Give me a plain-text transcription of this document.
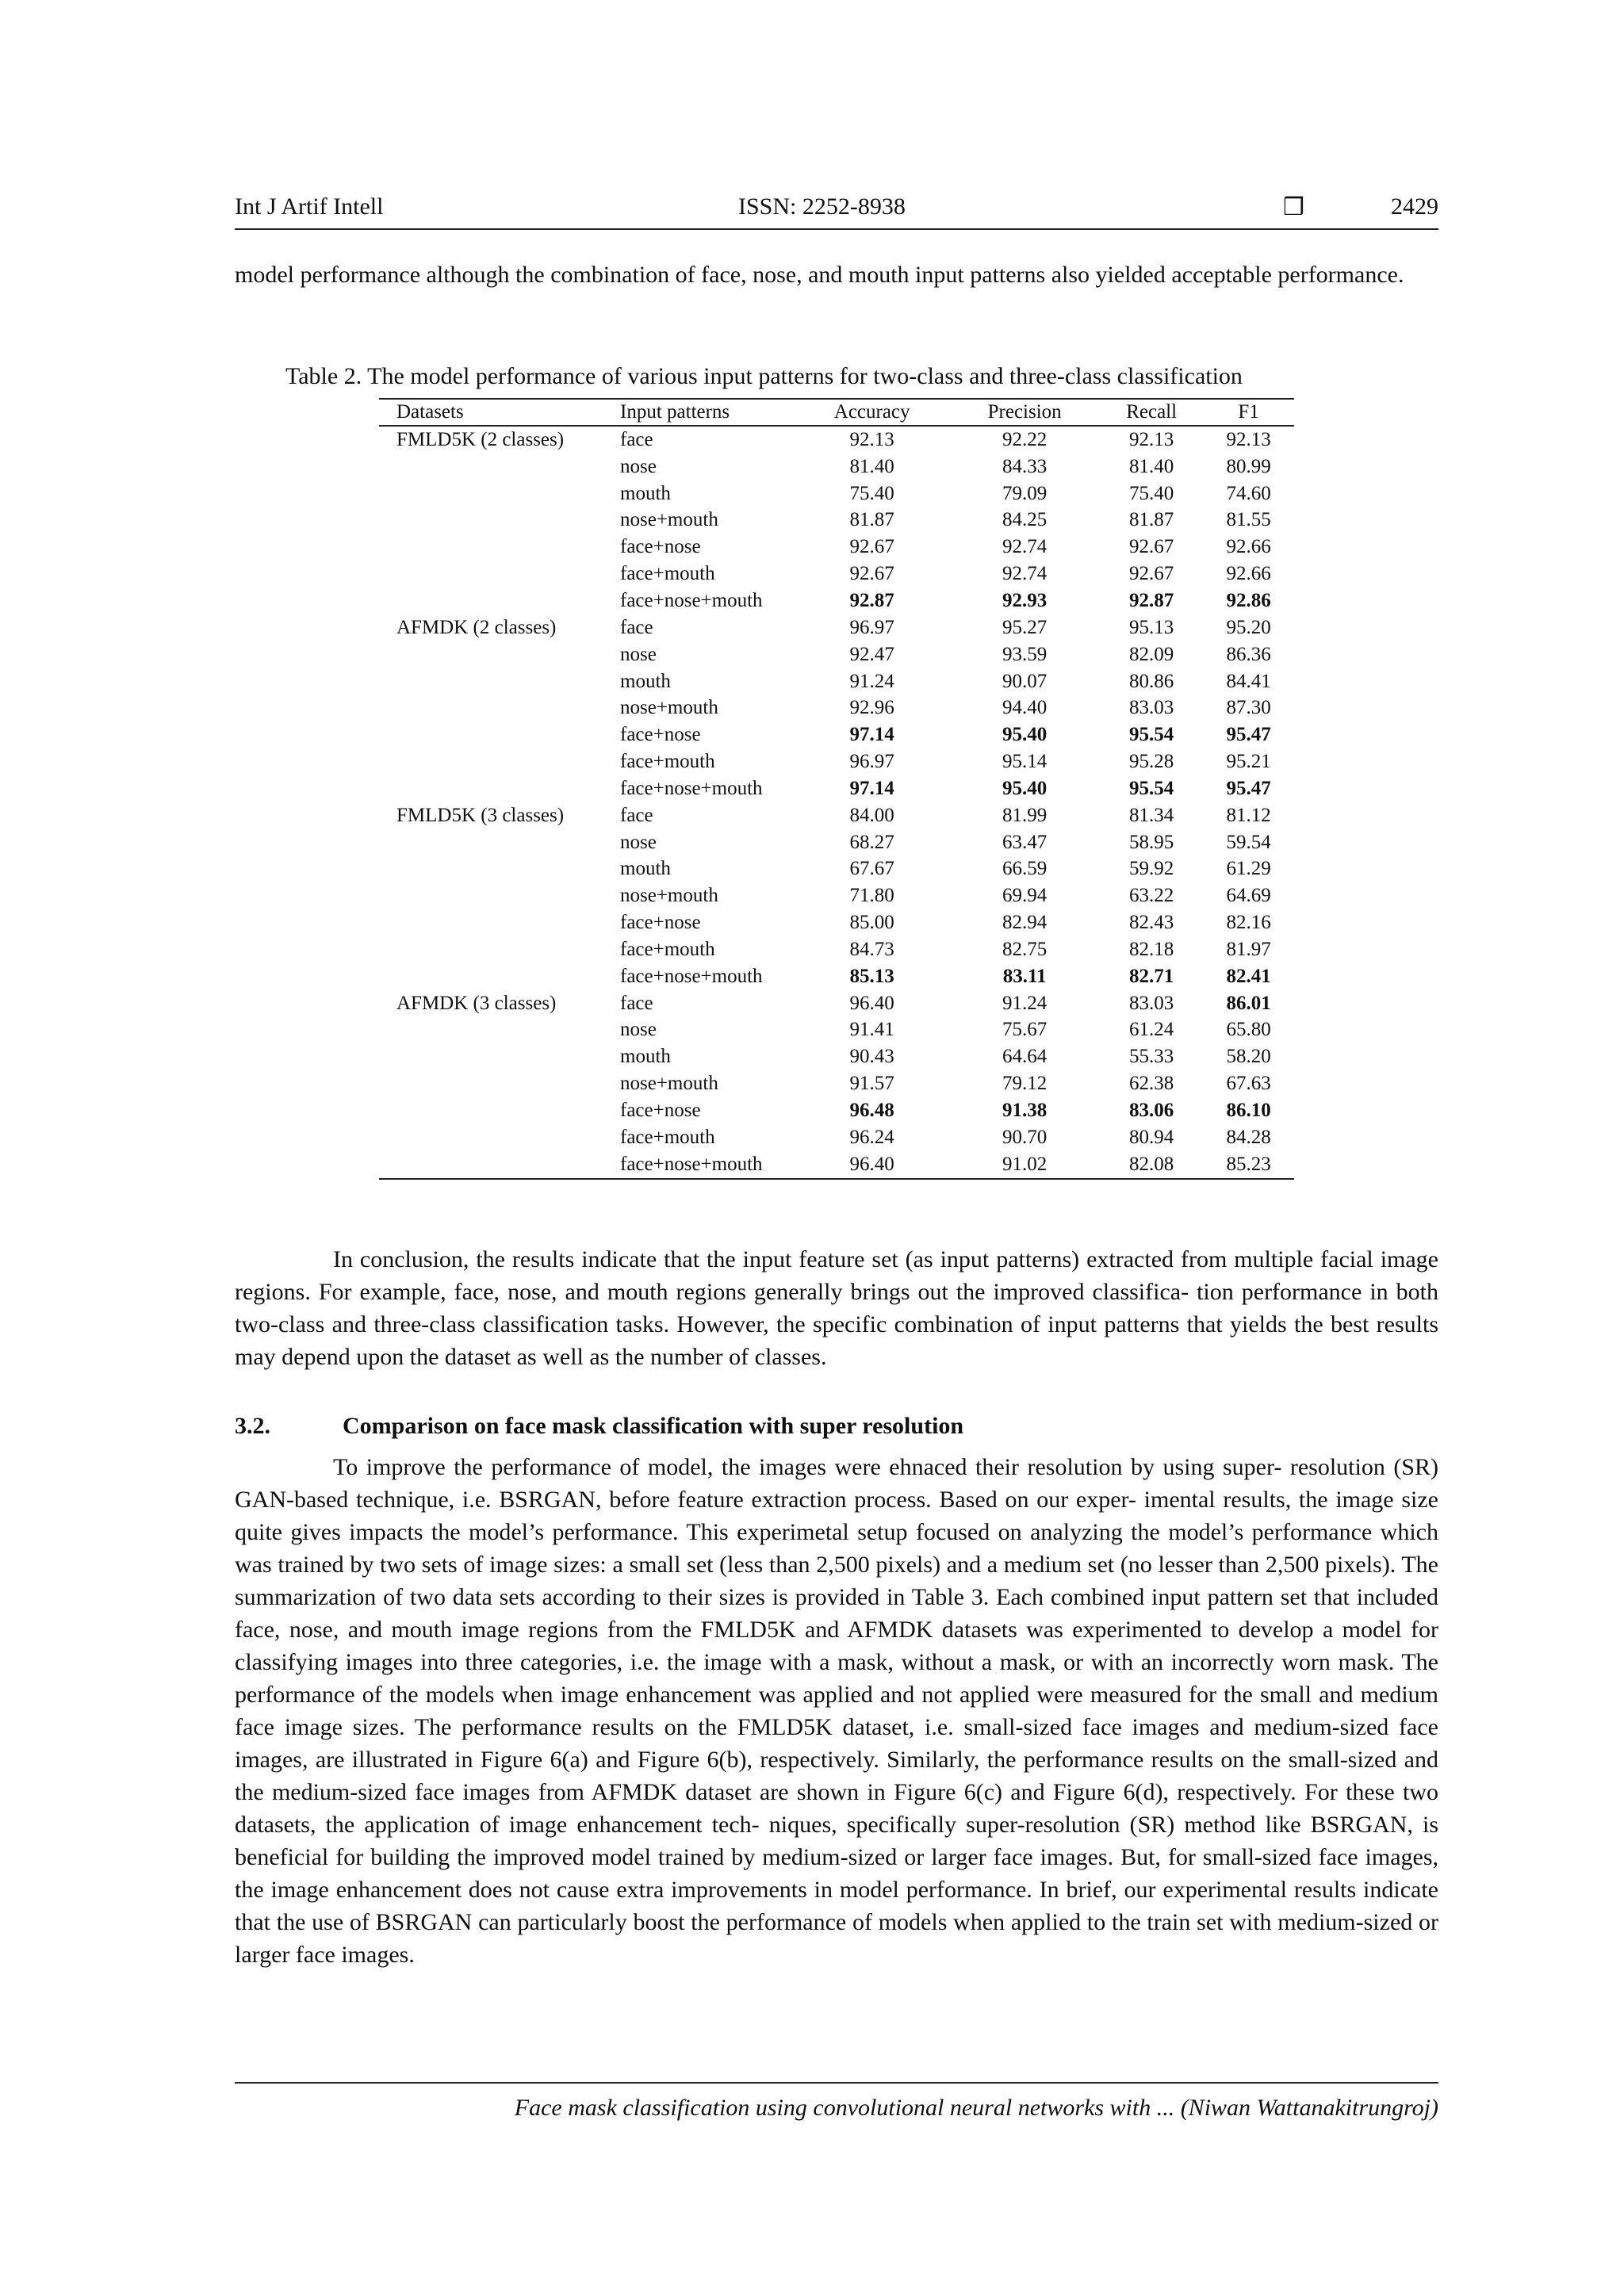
Int J Artif Intell	ISSN: 2252-8938	❒	2429

model performance although the combination of face, nose, and mouth input patterns also yielded acceptable performance.

Table 2. The model performance of various input patterns for two-class and three-class classification
Datasets	Input patterns	Accuracy	Precision	Recall	F1
FMLD5K (2 classes)	face	92.13	92.22	92.13	92.13
	nose	81.40	84.33	81.40	80.99
	mouth	75.40	79.09	75.40	74.60
	nose+mouth	81.87	84.25	81.87	81.55
	face+nose	92.67	92.74	92.67	92.66
	face+mouth	92.67	92.74	92.67	92.66
	face+nose+mouth	92.87	92.93	92.87	92.86
AFMDK (2 classes)	face	96.97	95.27	95.13	95.20
	nose	92.47	93.59	82.09	86.36
	mouth	91.24	90.07	80.86	84.41
	nose+mouth	92.96	94.40	83.03	87.30
	face+nose	97.14	95.40	95.54	95.47
	face+mouth	96.97	95.14	95.28	95.21
	face+nose+mouth	97.14	95.40	95.54	95.47
FMLD5K (3 classes)	face	84.00	81.99	81.34	81.12
	nose	68.27	63.47	58.95	59.54
	mouth	67.67	66.59	59.92	61.29
	nose+mouth	71.80	69.94	63.22	64.69
	face+nose	85.00	82.94	82.43	82.16
	face+mouth	84.73	82.75	82.18	81.97
	face+nose+mouth	85.13	83.11	82.71	82.41
AFMDK (3 classes)	face	96.40	91.24	83.03	86.01
	nose	91.41	75.67	61.24	65.80
	mouth	90.43	64.64	55.33	58.20
	nose+mouth	91.57	79.12	62.38	67.63
	face+nose	96.48	91.38	83.06	86.10
	face+mouth	96.24	90.70	80.94	84.28
	face+nose+mouth	96.40	91.02	82.08	85.23

In conclusion, the results indicate that the input feature set (as input patterns) extracted from multiple facial image regions. For example, face, nose, and mouth regions generally brings out the improved classifica- tion performance in both two-class and three-class classification tasks. However, the specific combination of input patterns that yields the best results may depend upon the dataset as well as the number of classes.

3.2.	Comparison on face mask classification with super resolution

To improve the performance of model, the images were ehnaced their resolution by using super- resolution (SR) GAN-based technique, i.e. BSRGAN, before feature extraction process. Based on our exper- imental results, the image size quite gives impacts the model’s performance. This experimetal setup focused on analyzing the model’s performance which was trained by two sets of image sizes: a small set (less than 2,500 pixels) and a medium set (no lesser than 2,500 pixels). The summarization of two data sets according to their sizes is provided in Table 3. Each combined input pattern set that included face, nose, and mouth image regions from the FMLD5K and AFMDK datasets was experimented to develop a model for classifying images into three categories, i.e. the image with a mask, without a mask, or with an incorrectly worn mask. The performance of the models when image enhancement was applied and not applied were measured for the small and medium face image sizes. The performance results on the FMLD5K dataset, i.e. small-sized face images and medium-sized face images, are illustrated in Figure 6(a) and Figure 6(b), respectively. Similarly, the performance results on the small-sized and the medium-sized face images from AFMDK dataset are shown in Figure 6(c) and Figure 6(d), respectively. For these two datasets, the application of image enhancement tech- niques, specifically super-resolution (SR) method like BSRGAN, is beneficial for building the improved model trained by medium-sized or larger face images. But, for small-sized face images, the image enhancement does not cause extra improvements in model performance. In brief, our experimental results indicate that the use of BSRGAN can particularly boost the performance of models when applied to the train set with medium-sized or larger face images.

Face mask classification using convolutional neural networks with ... (Niwan Wattanakitrungroj)
